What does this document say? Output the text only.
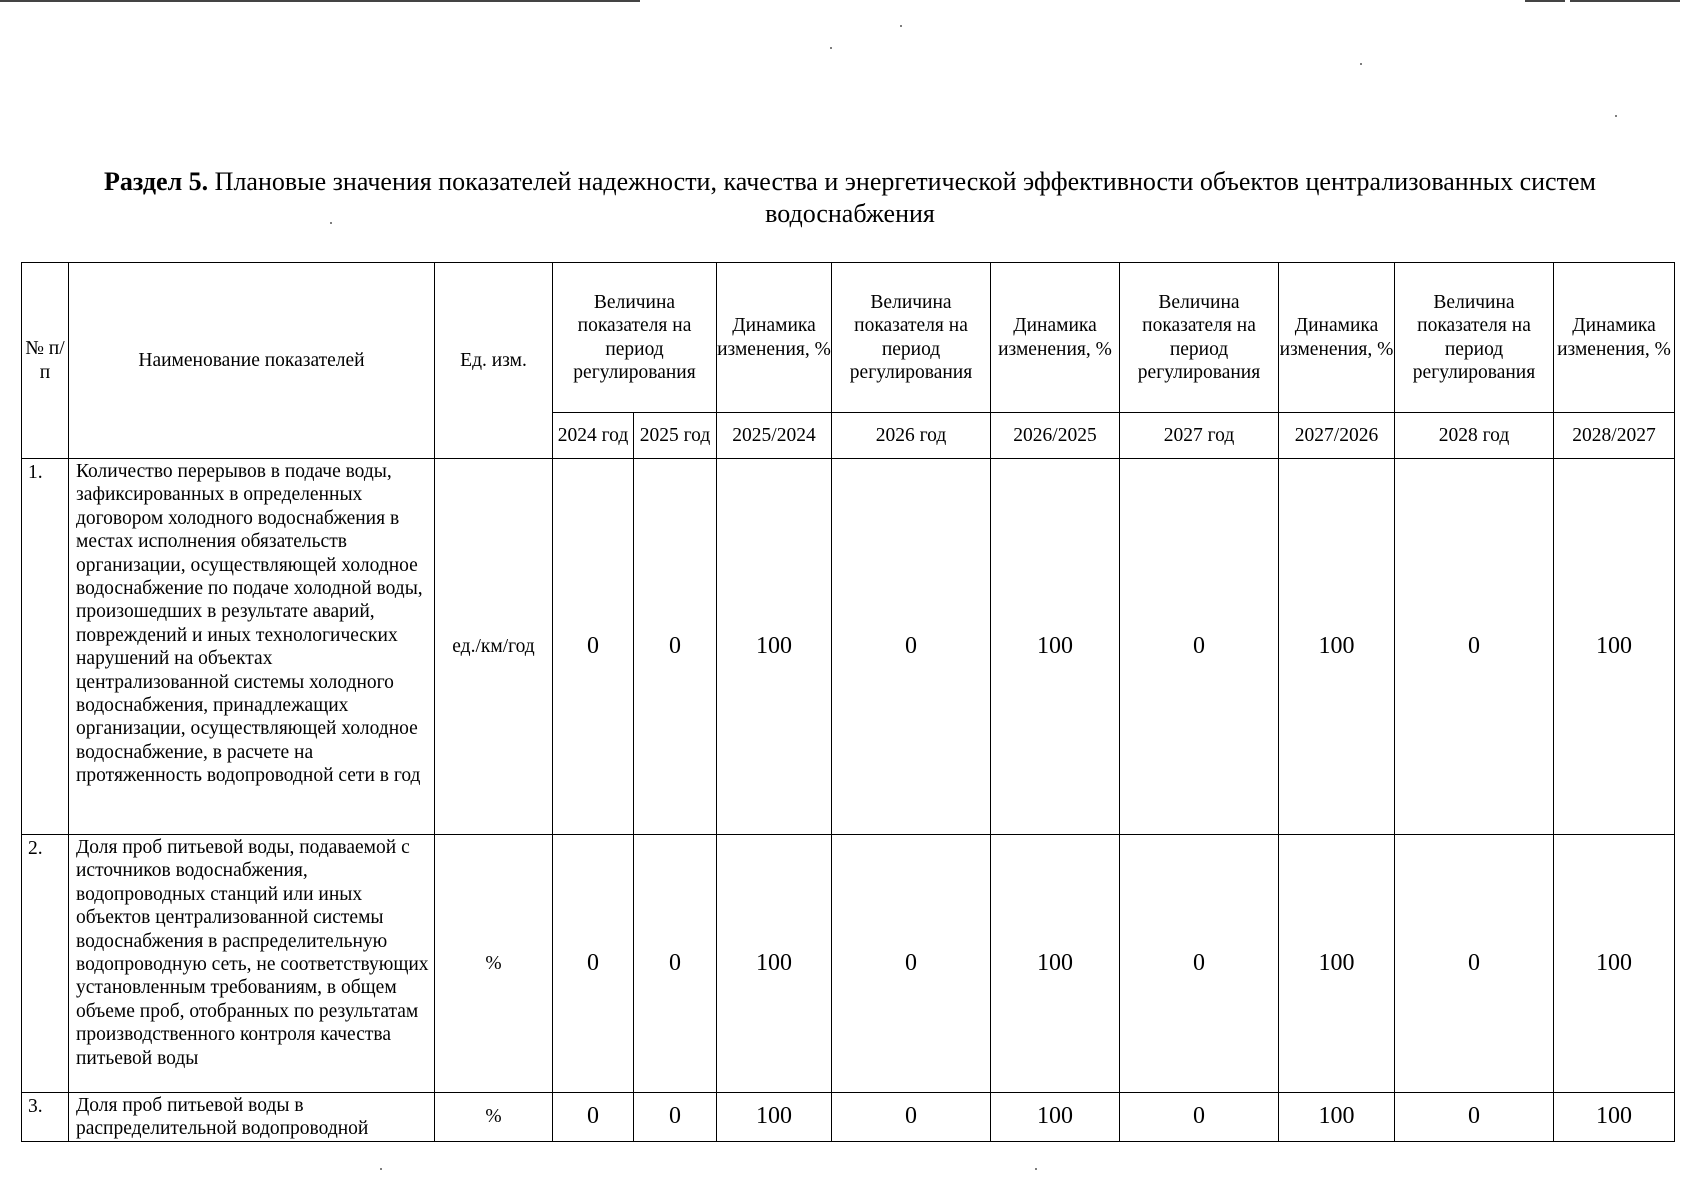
Раздел 5. Плановые значения показателей надежности, качества и энергетической эффективности объектов централизованных систем водоснабжения
№ п/п	Наименование показателей	Ед. изм.	Величина показателя на период регулирования		Динамика изменения, %	Величина показателя на период регулирования	Динамика изменения, %	Величина показателя на период регулирования	Динамика изменения, %	Величина показателя на период регулирования	Динамика изменения, %
			2024 год	2025 год	2025/2024	2026 год	2026/2025	2027 год	2027/2026	2028 год	2028/2027
1.	Количество перерывов в подаче воды, зафиксированных в определенных договором холодного водоснабжения в местах исполнения обязательств организации, осуществляющей холодное водоснабжение по подаче холодной воды, произошедших в результате аварий, повреждений и иных технологических нарушений на объектах централизованной системы холодного водоснабжения, принадлежащих организации, осуществляющей холодное водоснабжение, в расчете на протяженность водопроводной сети в год	ед./км/год	0	0	100	0	100	0	100	0	100
2.	Доля проб питьевой воды, подаваемой с источников водоснабжения, водопроводных станций или иных объектов централизованной системы водоснабжения в распределительную водопроводную сеть, не соответствующих установленным требованиям, в общем объеме проб, отобранных по результатам производственного контроля качества питьевой воды	%	0	0	100	0	100	0	100	0	100
3.	Доля проб питьевой воды в распределительной водопроводной	%	0	0	100	0	100	0	100	0	100
